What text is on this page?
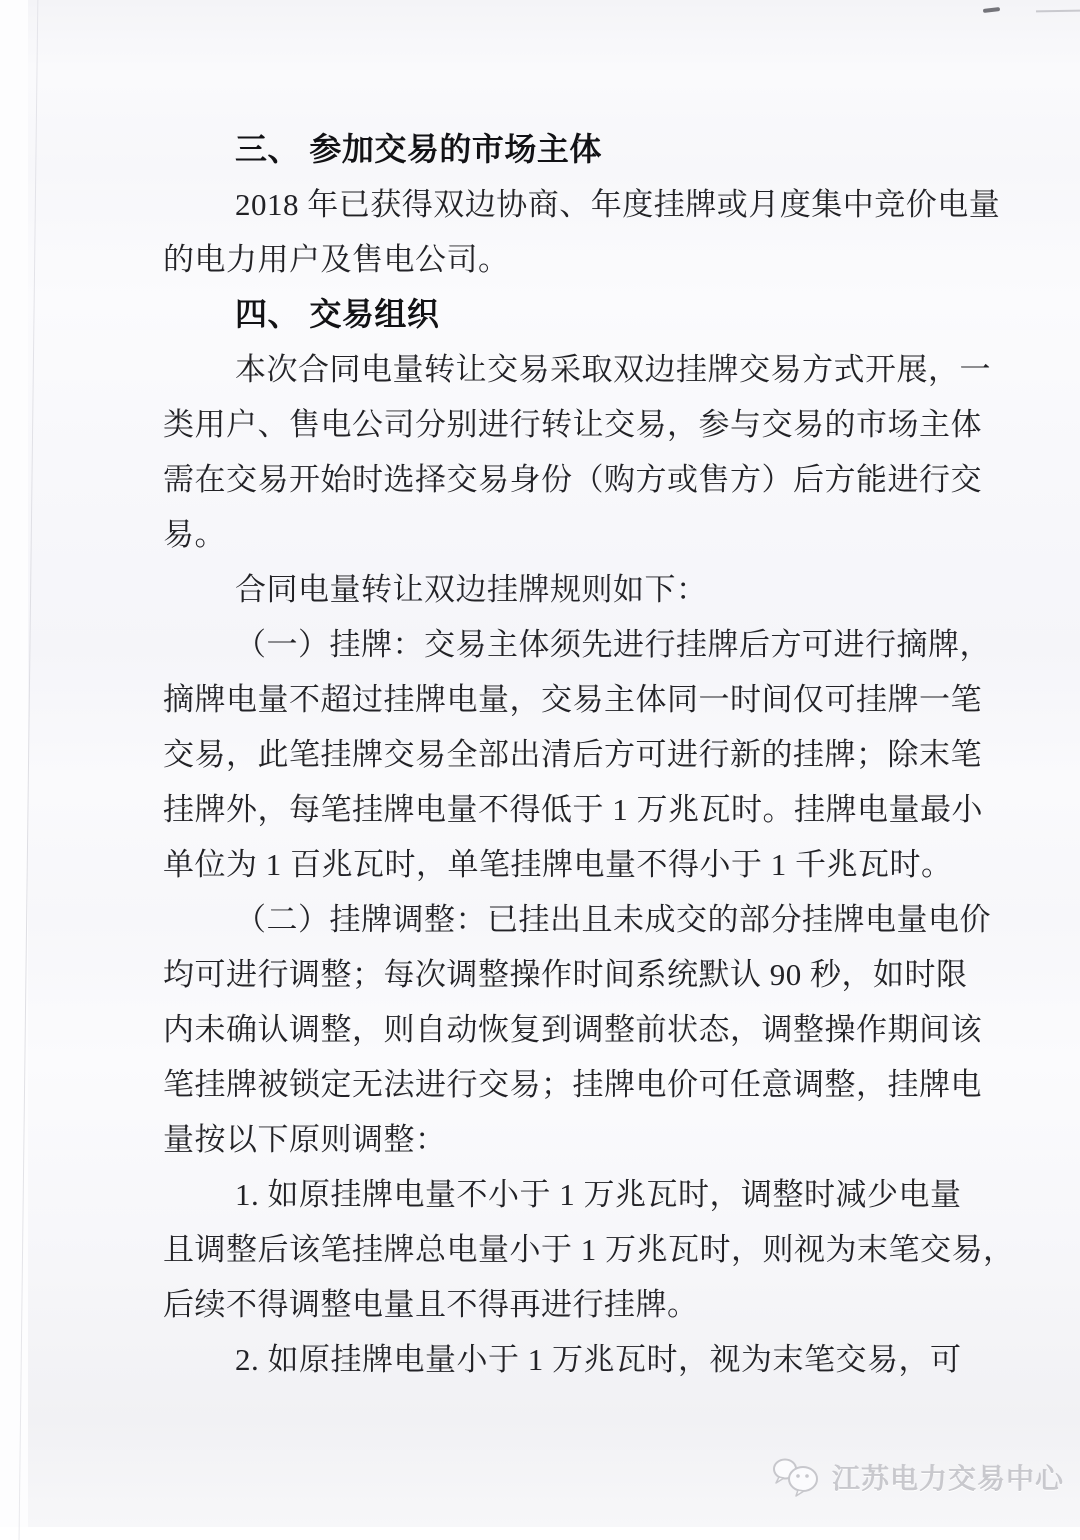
三、 参加交易的市场主体
2018 年已获得双边协商、年度挂牌或月度集中竞价电量
的电力用户及售电公司。
四、 交易组织
本次合同电量转让交易采取双边挂牌交易方式开展，一
类用户、售电公司分别进行转让交易，参与交易的市场主体
需在交易开始时选择交易身份（购方或售方）后方能进行交
易。
合同电量转让双边挂牌规则如下：
（一）挂牌：交易主体须先进行挂牌后方可进行摘牌，
摘牌电量不超过挂牌电量，交易主体同一时间仅可挂牌一笔
交易，此笔挂牌交易全部出清后方可进行新的挂牌；除末笔
挂牌外，每笔挂牌电量不得低于 1 万兆瓦时。挂牌电量最小
单位为 1 百兆瓦时，单笔挂牌电量不得小于 1 千兆瓦时。
（二）挂牌调整：已挂出且未成交的部分挂牌电量电价
均可进行调整；每次调整操作时间系统默认 90 秒，如时限
内未确认调整，则自动恢复到调整前状态，调整操作期间该
笔挂牌被锁定无法进行交易；挂牌电价可任意调整，挂牌电
量按以下原则调整：
1. 如原挂牌电量不小于 1 万兆瓦时，调整时减少电量
且调整后该笔挂牌总电量小于 1 万兆瓦时，则视为末笔交易，
后续不得调整电量且不得再进行挂牌。
2. 如原挂牌电量小于 1 万兆瓦时，视为末笔交易，可
江苏电力交易中心
